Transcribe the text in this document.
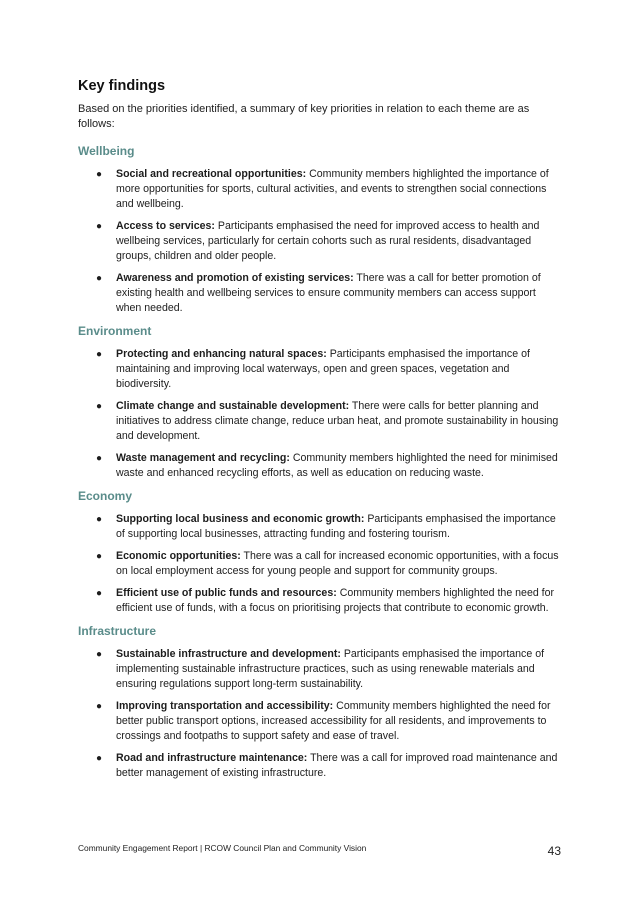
Key findings

Based on the priorities identified, a summary of key priorities in relation to each theme are as follows:

Wellbeing
● Social and recreational opportunities: Community members highlighted the importance of more opportunities for sports, cultural activities, and events to strengthen social connections and wellbeing.
● Access to services: Participants emphasised the need for improved access to health and wellbeing services, particularly for certain cohorts such as rural residents, disadvantaged groups, children and older people.
● Awareness and promotion of existing services: There was a call for better promotion of existing health and wellbeing services to ensure community members can access support when needed.
Environment
● Protecting and enhancing natural spaces: Participants emphasised the importance of maintaining and improving local waterways, open and green spaces, vegetation and biodiversity.
● Climate change and sustainable development: There were calls for better planning and initiatives to address climate change, reduce urban heat, and promote sustainability in housing and development.
● Waste management and recycling: Community members highlighted the need for minimised waste and enhanced recycling efforts, as well as education on reducing waste.
Economy
● Supporting local business and economic growth: Participants emphasised the importance of supporting local businesses, attracting funding and fostering tourism.
● Economic opportunities: There was a call for increased economic opportunities, with a focus on local employment access for young people and support for community groups.
● Efficient use of public funds and resources: Community members highlighted the need for efficient use of funds, with a focus on prioritising projects that contribute to economic growth.
Infrastructure
● Sustainable infrastructure and development: Participants emphasised the importance of implementing sustainable infrastructure practices, such as using renewable materials and ensuring regulations support long-term sustainability.
● Improving transportation and accessibility: Community members highlighted the need for better public transport options, increased accessibility for all residents, and improvements to crossings and footpaths to support safety and ease of travel.
● Road and infrastructure maintenance: There was a call for improved road maintenance and better management of existing infrastructure.
Community Engagement Report | RCOW Council Plan and Community Vision	43
